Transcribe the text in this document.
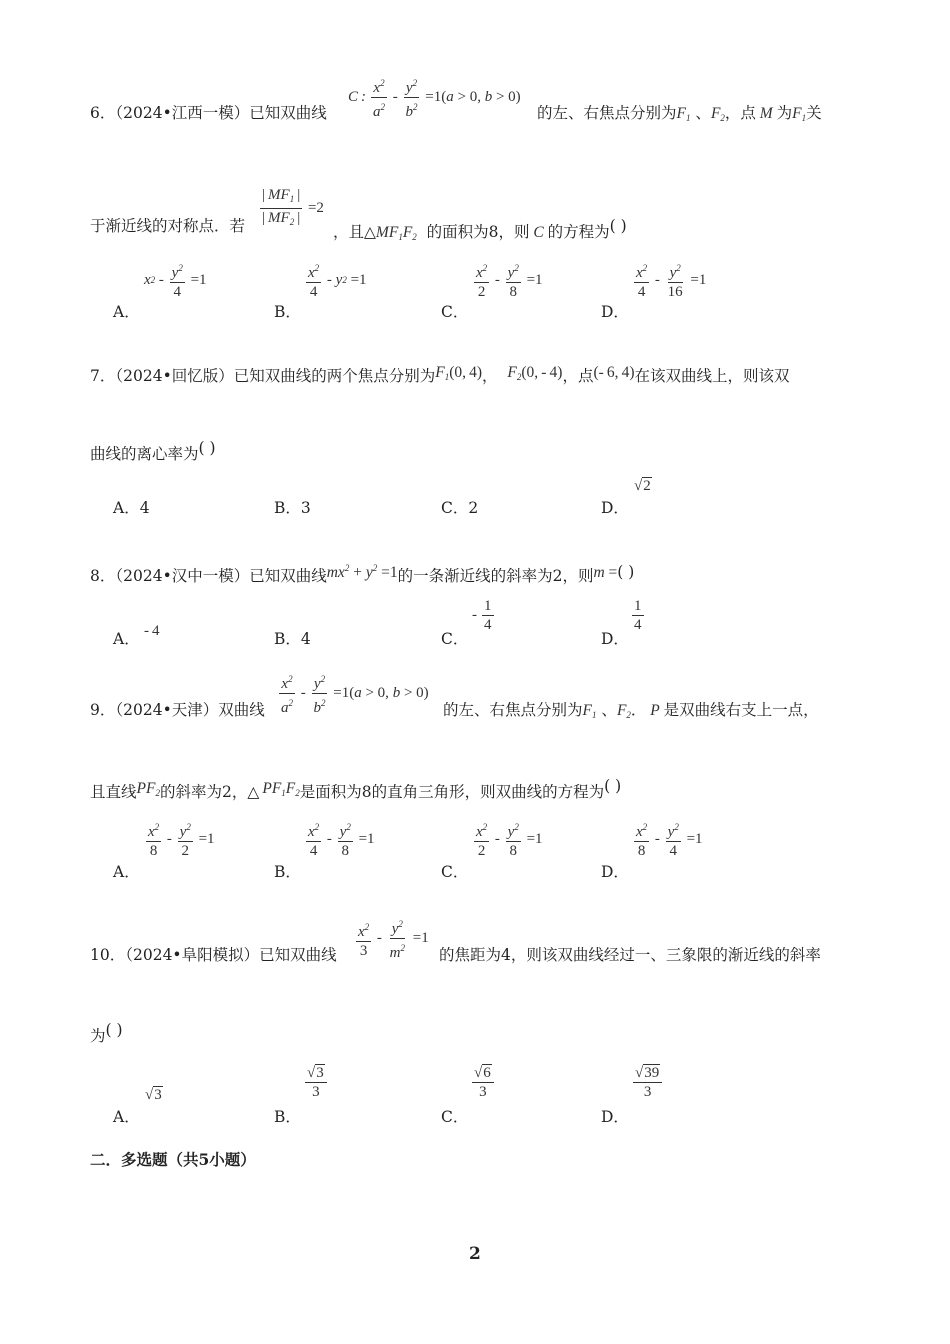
6．（2024•江西一模）已知双曲线
C :  $\frac{x^2}{a^2} - \frac{y^2}{b^2} =1$( a > 0, b > 0)
的左、右焦点分别为$F_1$ 、$F_2$，点 M 为$F_1$关
于渐近线的对称点．若 $\frac{| MF_1 |}{| MF_2 |} =2$
，且$\triangle MF_1F_2$ 的面积为8，则 C 的方程为( )
A．
x $2 - \frac{y^2}{4} =1$
B．
$\frac{x^2}{4}$ - y 2 =1
C．
$\frac{x^2}{2} - \frac{y^2}{8} =1$
D．
$\frac{x^2}{4} - \frac{y^2}{16} =1$
7．（2024•回忆版）已知双曲线的两个焦点分别为$F_1(0$, 4)， $F_2(0$, - 4)，点(- 6, 4)在该双曲线上，则该双
曲线的离心率为( )
A．4	B．3	C．2	D．
√2
8．（2024•汉中一模）已知双曲线$mx^2 + y^2 =1$的一条渐近线的斜率为2，则m =( )
A． - 4	B．4	C．
-  $\frac{1}{4}$
D．
$\frac{1}{4}$
9．（2024•天津）双曲线 $\frac{x^2}{a^2} - \frac{y^2}{b^2} =1$( a > 0, b > 0)
的左、右焦点分别为$F_1$ 、$F_2$． P 是双曲线右支上一点，
且直线$PF_2$的斜率为2，△ $PF_1F_2$是面积为8的直角三角形，则双曲线的方程为( )
A．
$\frac{x^2}{8} - \frac{y^2}{2} =1$
B．
$\frac{x^2}{4} - \frac{y^2}{8} =1$
C．
$\frac{x^2}{2} - \frac{y^2}{8} =1$
D．
$\frac{x^2}{8} - \frac{y^2}{4} =1$
10．（2024•阜阳模拟）已知双曲线 $\frac{x^2}{3} - \frac{y^2}{m^2} =1$
的焦距为4，则该双曲线经过一、三象限的渐近线的斜率
为( )
A．
√3
B．
$\frac{√3}{3}$
C．
$\frac{√6}{3}$
D．
$\frac{√39}{3}$
二．多选题（共5小题）
2
